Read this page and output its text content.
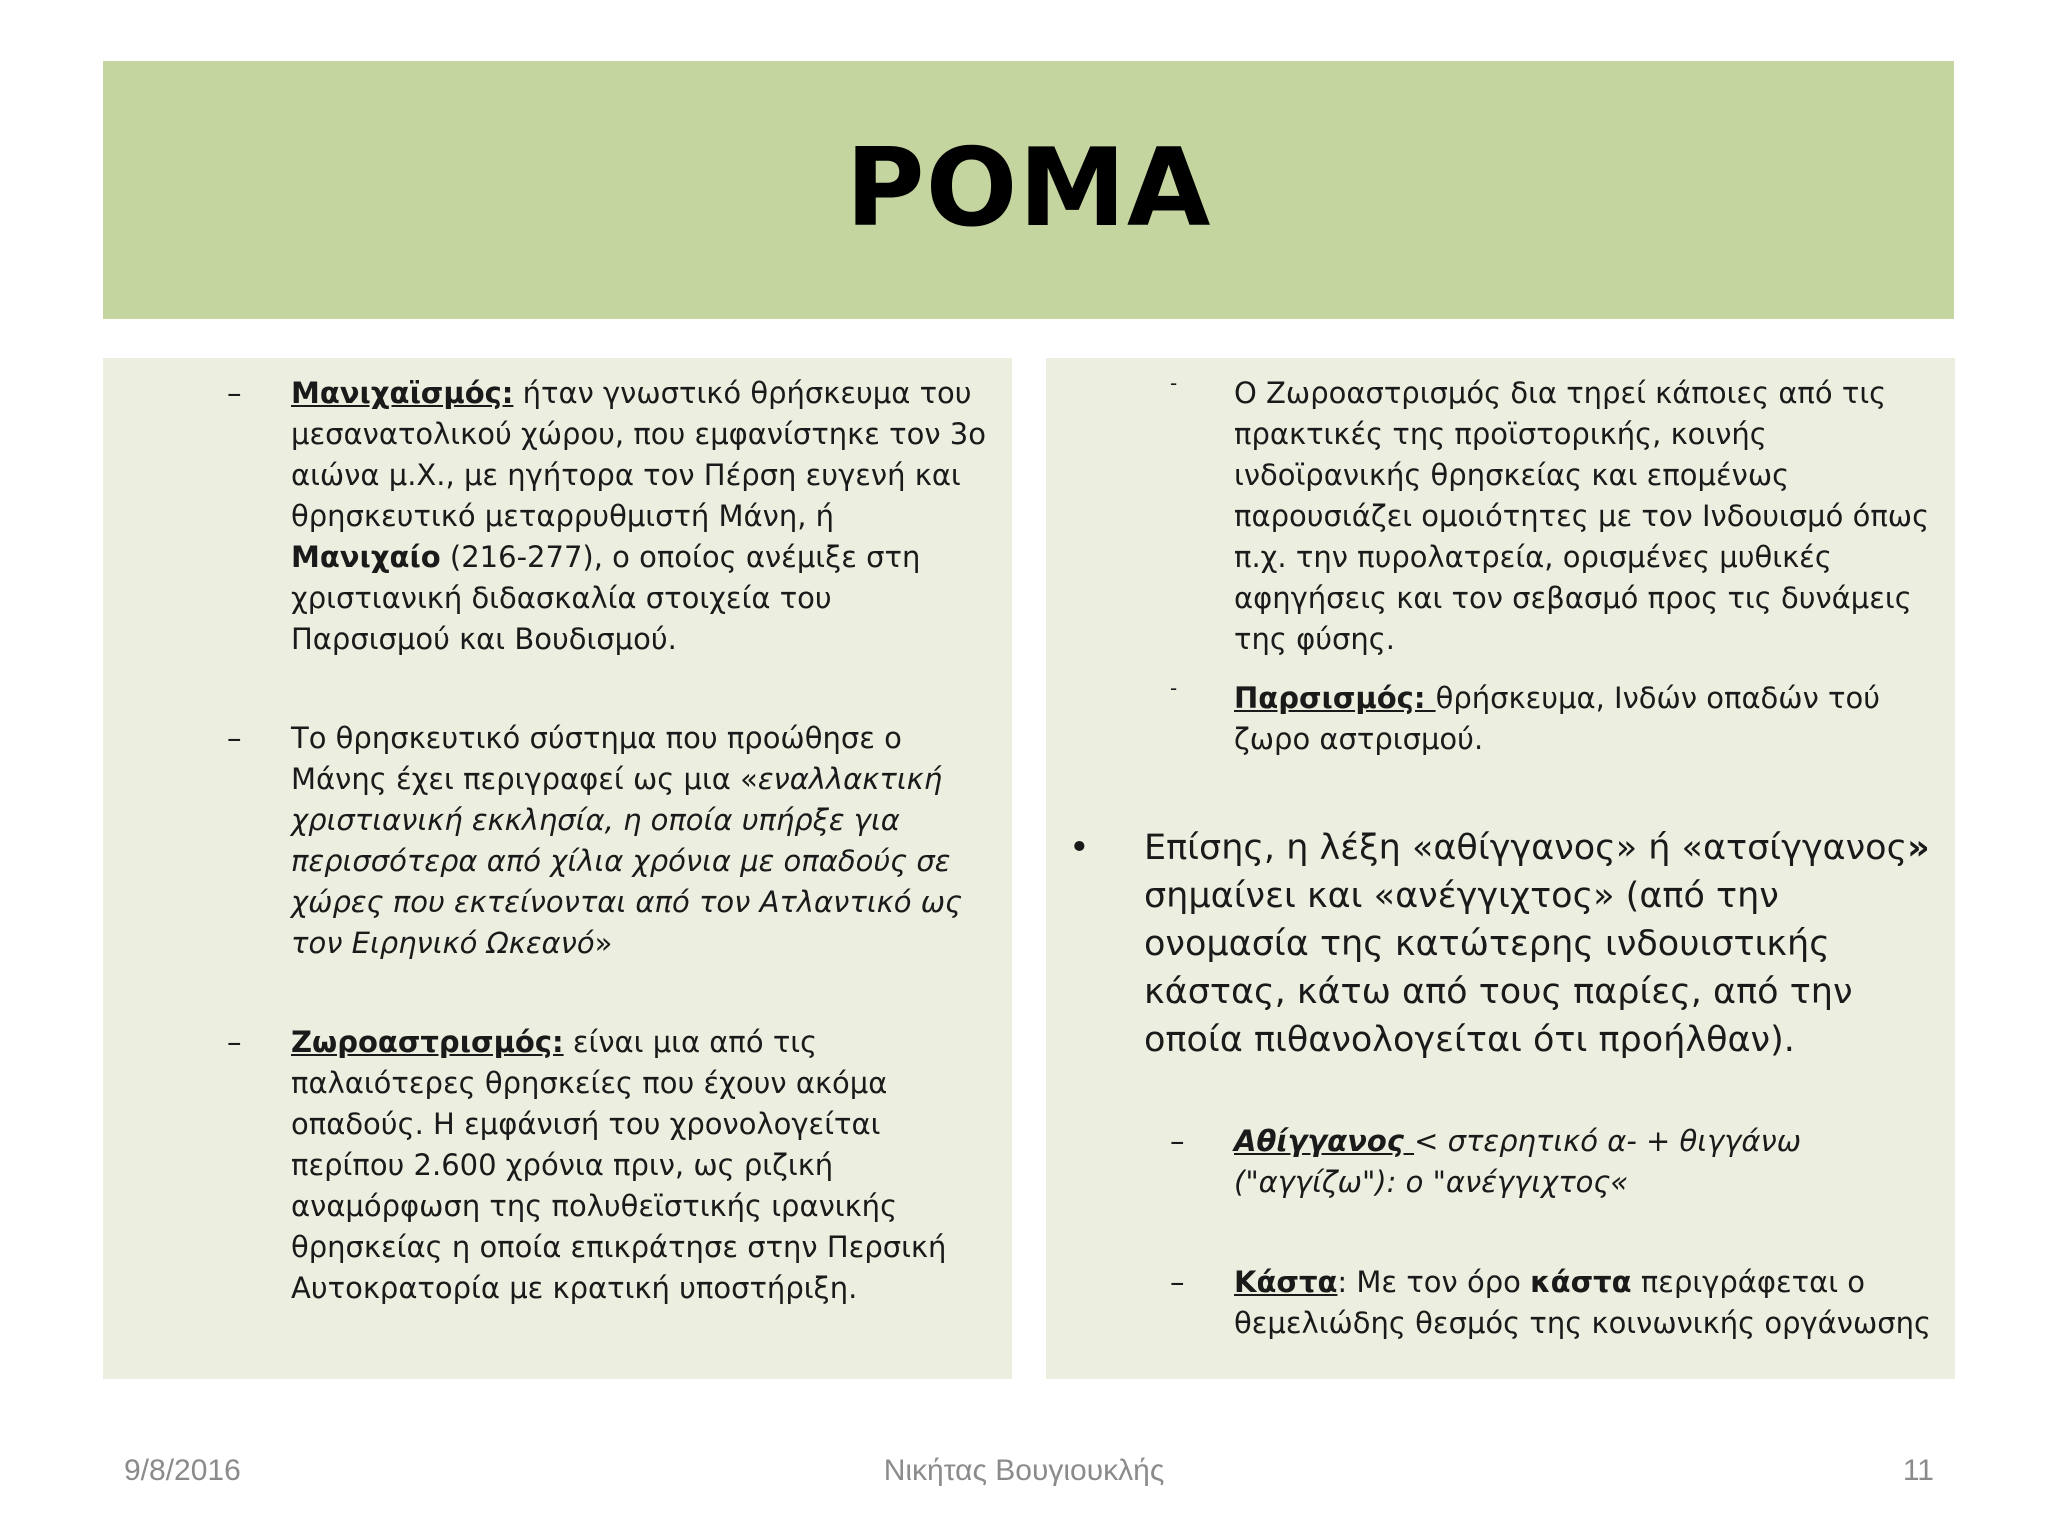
ΡΟΜΑ
– Μανιχαϊσμός: ήταν γνωστικό θρήσκευμα του μεσανατολικού χώρου, που εμφανίστηκε τον 3ο αιώνα μ.Χ., με ηγήτορα τον Πέρση ευγενή και θρησκευτικό μεταρρυθμιστή Μάνη, ή Μανιχαίο (216-277), ο οποίος ανέμιξε στη χριστιανική διδασκαλία στοιχεία του Παρσισμού και Βουδισμού.
– Το θρησκευτικό σύστημα που προώθησε ο Μάνης έχει περιγραφεί ως μια «εναλλακτική χριστιανική εκκλησία, η οποία υπήρξε για περισσότερα από χίλια χρόνια με οπαδούς σε χώρες που εκτείνονται από τον Ατλαντικό ως τον Ειρηνικό Ωκεανό»
– Ζωροαστρισμός: είναι μια από τις παλαιότερες θρησκείες που έχουν ακόμα οπαδούς. Η εμφάνισή του χρονολογείται περίπου 2.600 χρόνια πριν, ως ριζική αναμόρφωση της πολυθεϊστικής ιρανικής θρησκείας η οποία επικράτησε στην Περσική Αυτοκρατορία με κρατική υποστήριξη.
- Ο Ζωροαστρισμός δια τηρεί κάποιες από τις πρακτικές της προϊστορικής, κοινής ινδοϊρανικής θρησκείας και επομένως παρουσιάζει ομοιότητες με τον Ινδουισμό όπως π.χ. την πυρολατρεία, ορισμένες μυθικές αφηγήσεις και τον σεβασμό προς τις δυνάμεις της φύσης.
- Παρσισμός: θρήσκευμα, Ινδών οπαδών τού ζωρο αστρισμού.
• Επίσης, η λέξη «αθίγγανος» ή «ατσίγγανος» σημαίνει και «ανέγγιχτος» (από την ονομασία της κατώτερης ινδουιστικής κάστας, κάτω από τους παρίες, από την οποία πιθανολογείται ότι προήλθαν).
– Αθίγγανος < στερητικό α- + θιγγάνω ("αγγίζω"): ο "ανέγγιχτος«
– Κάστα: Με τον όρο κάστα περιγράφεται ο θεμελιώδης θεσμός της κοινωνικής οργάνωσης
9/8/2016	Νικήτας Βουγιουκλής	11
